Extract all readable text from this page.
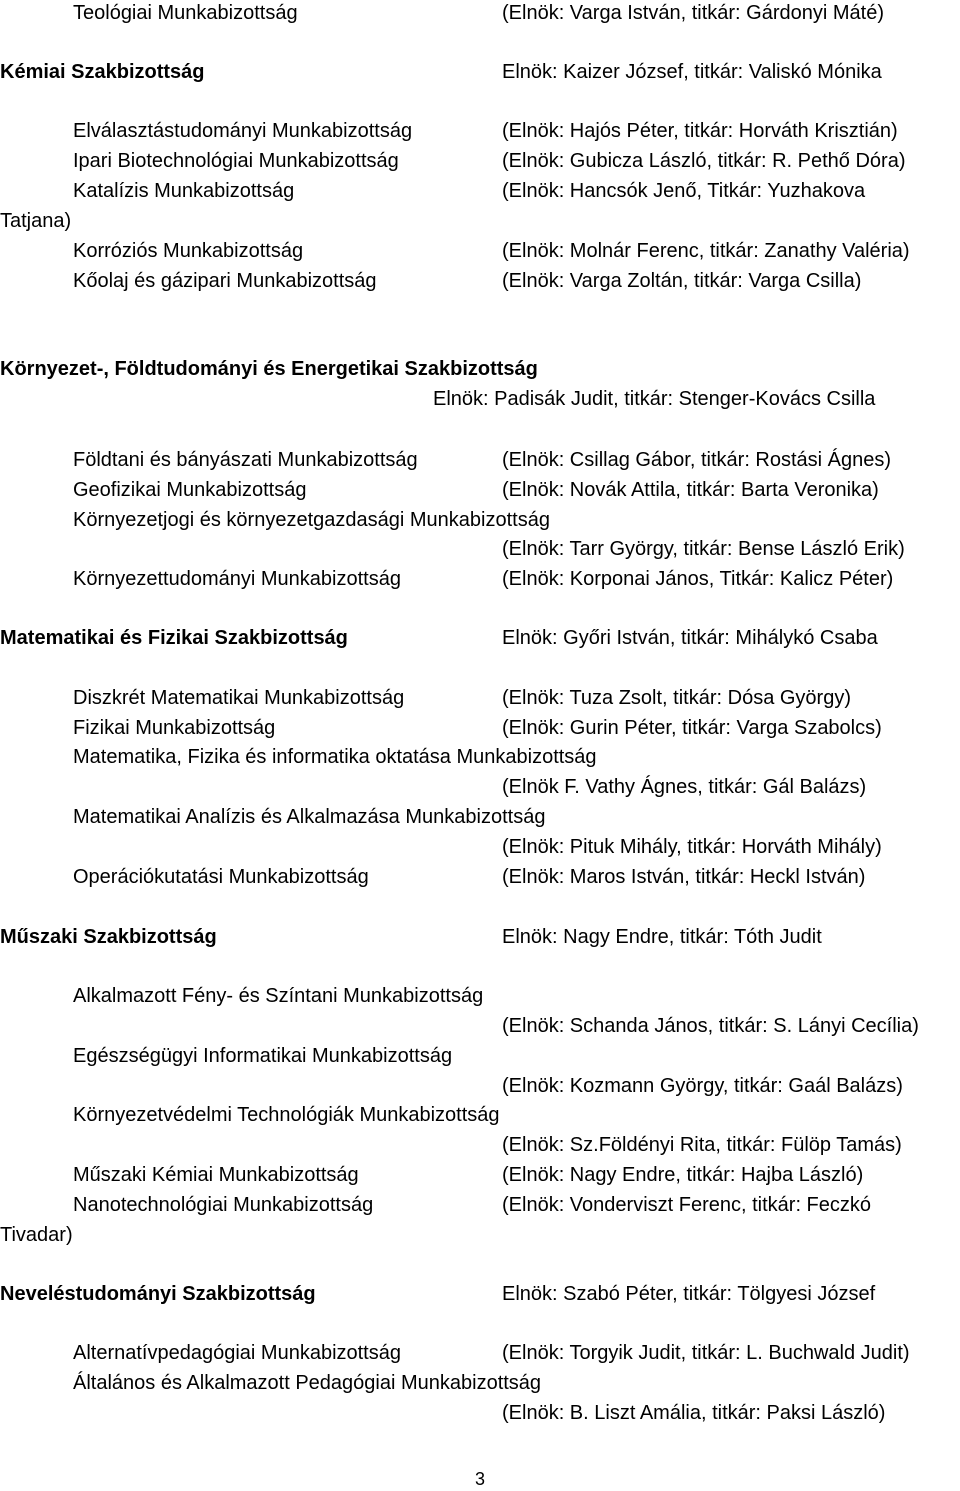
Teológiai Munkabizottság	(Elnök: Varga István, titkár: Gárdonyi Máté)
Kémiai Szakbizottság	Elnök: Kaizer József, titkár: Valiskó Mónika
Elválasztástudományi Munkabizottság	(Elnök: Hajós Péter, titkár: Horváth Krisztián)
Ipari Biotechnológiai Munkabizottság	(Elnök: Gubicza László, titkár: R. Pethő Dóra)
Katalízis Munkabizottság	(Elnök: Hancsók Jenő, Titkár: Yuzhakova
Tatjana)
Korróziós Munkabizottság	(Elnök: Molnár Ferenc, titkár: Zanathy Valéria)
Kőolaj és gázipari Munkabizottság	(Elnök: Varga Zoltán, titkár: Varga Csilla)
Környezet-, Földtudományi és Energetikai Szakbizottság
Elnök: Padisák Judit, titkár: Stenger-Kovács Csilla
Földtani és bányászati Munkabizottság	(Elnök: Csillag Gábor, titkár: Rostási Ágnes)
Geofizikai Munkabizottság	(Elnök: Novák Attila, titkár: Barta Veronika)
Környezetjogi és környezetgazdasági Munkabizottság
(Elnök: Tarr György, titkár: Bense László Erik)
Környezettudományi Munkabizottság	(Elnök: Korponai János, Titkár: Kalicz Péter)
Matematikai és Fizikai Szakbizottság	Elnök: Győri István, titkár: Mihálykó Csaba
Diszkrét Matematikai Munkabizottság	(Elnök: Tuza Zsolt, titkár: Dósa György)
Fizikai Munkabizottság	(Elnök: Gurin Péter, titkár: Varga Szabolcs)
Matematika, Fizika és informatika oktatása Munkabizottság
(Elnök F. Vathy Ágnes, titkár: Gál Balázs)
Matematikai Analízis és Alkalmazása Munkabizottság
(Elnök: Pituk Mihály, titkár: Horváth Mihály)
Operációkutatási Munkabizottság	(Elnök: Maros István, titkár: Heckl István)
Műszaki Szakbizottság	Elnök: Nagy Endre, titkár: Tóth Judit
Alkalmazott Fény- és Színtani Munkabizottság
(Elnök: Schanda János, titkár: S. Lányi Cecília)
Egészségügyi Informatikai Munkabizottság
(Elnök: Kozmann György, titkár: Gaál Balázs)
Környezetvédelmi Technológiák Munkabizottság
(Elnök: Sz.Földényi Rita, titkár: Fülöp Tamás)
Műszaki Kémiai Munkabizottság	(Elnök: Nagy Endre, titkár: Hajba László)
Nanotechnológiai Munkabizottság	(Elnök: Vonderviszt Ferenc, titkár: Feczkó
Tivadar)
Neveléstudományi Szakbizottság	Elnök: Szabó Péter, titkár: Tölgyesi József
Alternatívpedagógiai Munkabizottság	(Elnök: Torgyik Judit, titkár: L. Buchwald Judit)
Általános és Alkalmazott Pedagógiai Munkabizottság
(Elnök: B. Liszt Amália, titkár: Paksi László)
3
